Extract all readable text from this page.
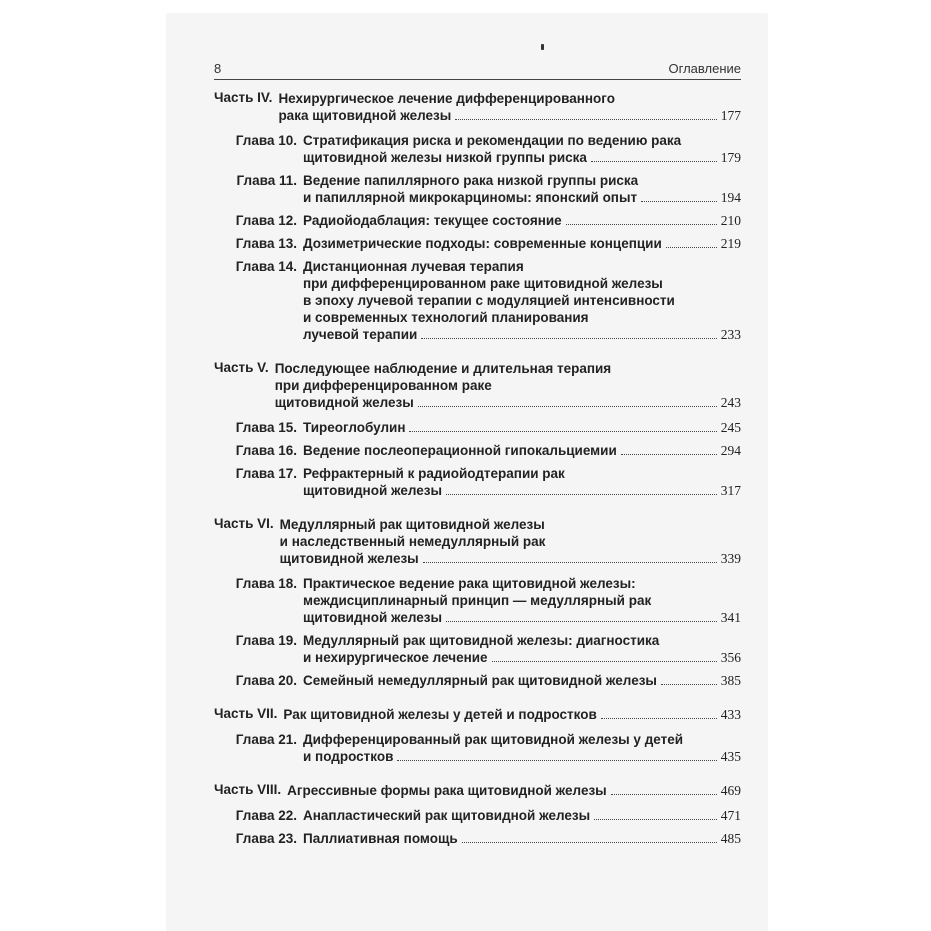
8	Оглавление
Часть IV. Нехирургическое лечение дифференцированного
рака щитовидной железы	177
Глава 10. Стратификация риска и рекомендации по ведению рака
щитовидной железы низкой группы риска	179
Глава 11. Ведение папиллярного рака низкой группы риска
и папиллярной микрокарциномы: японский опыт	194
Глава 12. Радиойодаблация: текущее состояние	210
Глава 13. Дозиметрические подходы: современные концепции	219
Глава 14. Дистанционная лучевая терапия
при дифференцированном раке щитовидной железы
в эпоху лучевой терапии с модуляцией интенсивности
и современных технологий планирования
лучевой терапии	233
Часть V. Последующее наблюдение и длительная терапия
при дифференцированном раке
щитовидной железы	243
Глава 15. Тиреоглобулин	245
Глава 16. Ведение послеоперационной гипокальциемии	294
Глава 17. Рефрактерный к радиойодтерапии рак
щитовидной железы	317
Часть VI. Медуллярный рак щитовидной железы
и наследственный немедуллярный рак
щитовидной железы	339
Глава 18. Практическое ведение рака щитовидной железы:
междисциплинарный принцип — медуллярный рак
щитовидной железы	341
Глава 19. Медуллярный рак щитовидной железы: диагностика
и нехирургическое лечение	356
Глава 20. Семейный немедуллярный рак щитовидной железы	385
Часть VII. Рак щитовидной железы у детей и подростков	433
Глава 21. Дифференцированный рак щитовидной железы у детей
и подростков	435
Часть VIII. Агрессивные формы рака щитовидной железы	469
Глава 22. Анапластический рак щитовидной железы	471
Глава 23. Паллиативная помощь	485
